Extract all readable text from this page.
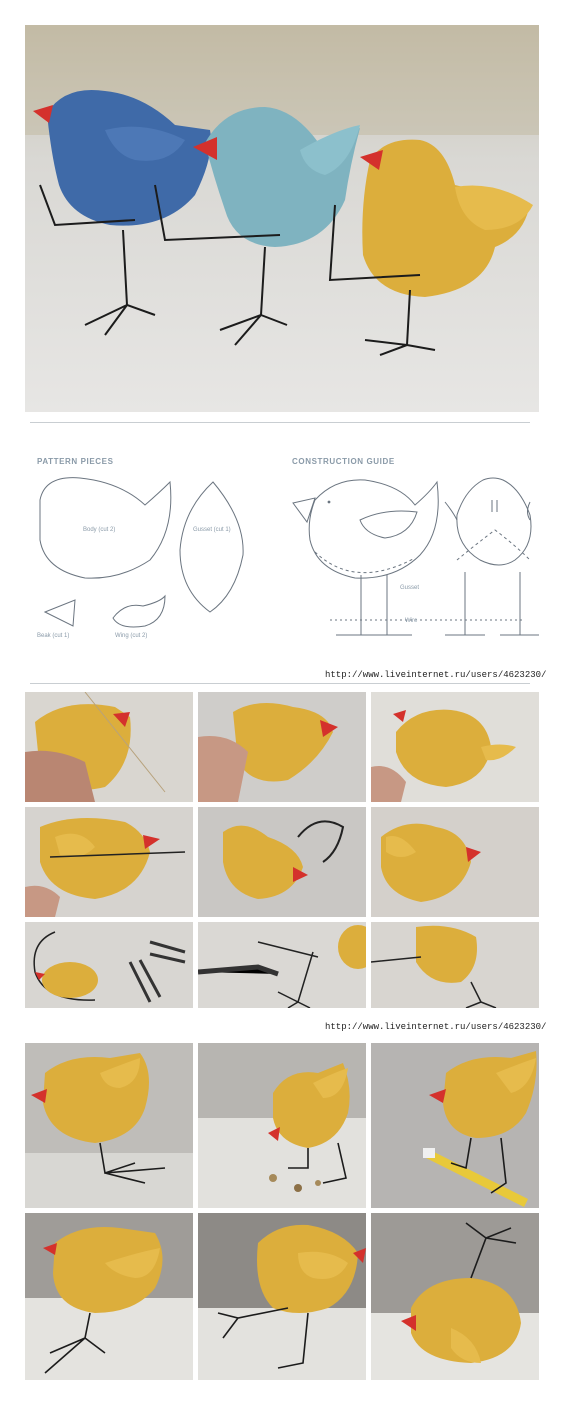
PATTERN PIECES	CONSTRUCTION GUIDE
Body (cut 2)	Gusset (cut 1)
Beak (cut 1)	Wing (cut 2)
Gusset
Wire
http://www.liveinternet.ru/users/4623230/
http://www.liveinternet.ru/users/4623230/
